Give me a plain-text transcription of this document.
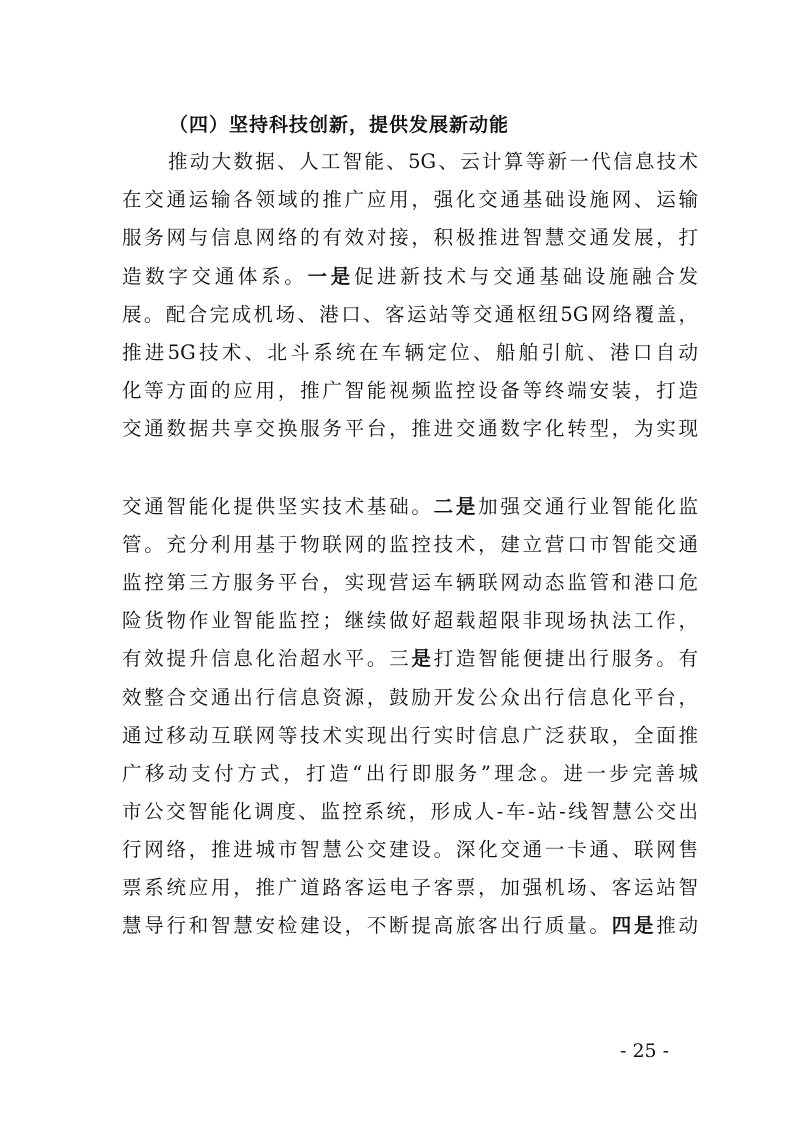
（四）坚持科技创新，提供发展新动能
推动大数据、人工智能、5G、云计算等新一代信息技术
在交通运输各领域的推广应用，强化交通基础设施网、运输
服务网与信息网络的有效对接，积极推进智慧交通发展，打
造数字交通体系。一是促进新技术与交通基础设施融合发
展。配合完成机场、港口、客运站等交通枢纽5G网络覆盖，
推进5G技术、北斗系统在车辆定位、船舶引航、港口自动
化等方面的应用，推广智能视频监控设备等终端安装，打造
交通数据共享交换服务平台，推进交通数字化转型，为实现
交通智能化提供坚实技术基础。二是加强交通行业智能化监
管。充分利用基于物联网的监控技术，建立营口市智能交通
监控第三方服务平台，实现营运车辆联网动态监管和港口危
险货物作业智能监控；继续做好超载超限非现场执法工作，
有效提升信息化治超水平。三是打造智能便捷出行服务。有
效整合交通出行信息资源，鼓励开发公众出行信息化平台，
通过移动互联网等技术实现出行实时信息广泛获取，全面推
广移动支付方式，打造“出行即服务”理念。进一步完善城
市公交智能化调度、监控系统，形成人-车-站-线智慧公交出
行网络，推进城市智慧公交建设。深化交通一卡通、联网售
票系统应用，推广道路客运电子客票，加强机场、客运站智
慧导行和智慧安检建设，不断提高旅客出行质量。四是推动
- 25 -
